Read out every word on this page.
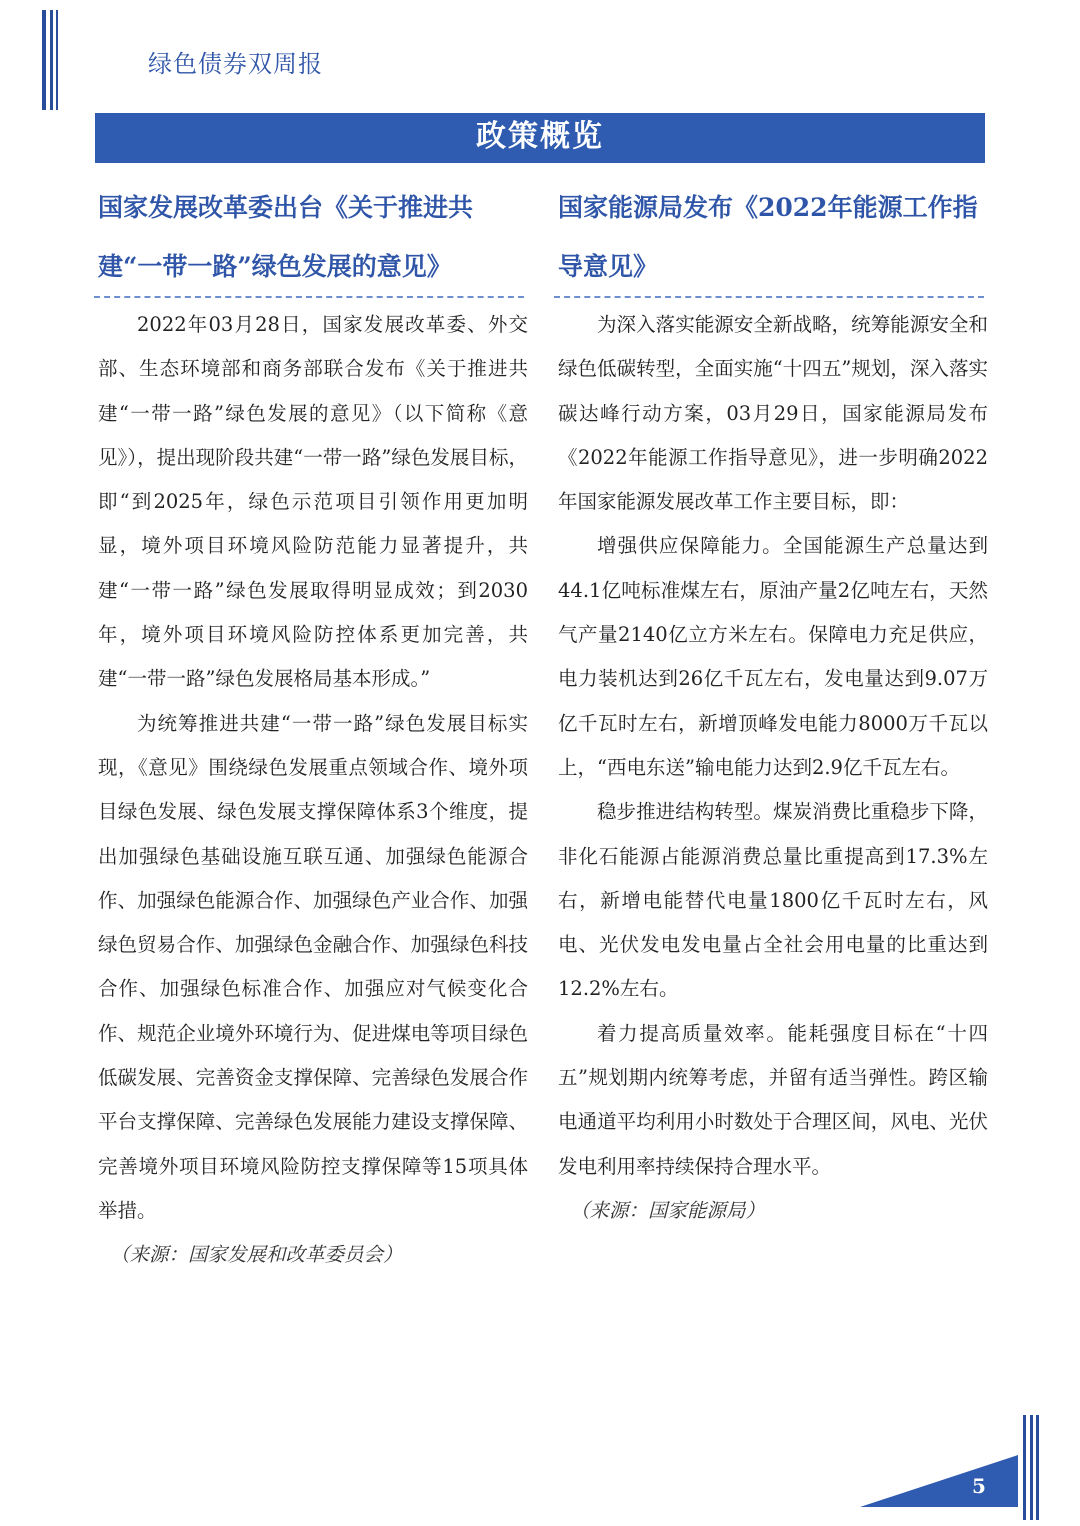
绿色债券双周报
政策概览
国家发展改革委出台《关于推进共建“一带一路”绿色发展的意见》

2022年03月28日，国家发展改革委、外交部、生态环境部和商务部联合发布《关于推进共建“一带一路”绿色发展的意见》（以下简称《意见》），提出现阶段共建“一带一路”绿色发展目标，即“到2025年，绿色示范项目引领作用更加明显，境外项目环境风险防范能力显著提升，共建“一带一路”绿色发展取得明显成效；到2030年，境外项目环境风险防控体系更加完善，共建“一带一路”绿色发展格局基本形成。”

为统筹推进共建“一带一路”绿色发展目标实现，《意见》围绕绿色发展重点领域合作、境外项目绿色发展、绿色发展支撑保障体系3个维度，提出加强绿色基础设施互联互通、加强绿色能源合作、加强绿色能源合作、加强绿色产业合作、加强绿色贸易合作、加强绿色金融合作、加强绿色科技合作、加强绿色标准合作、加强应对气候变化合作、规范企业境外环境行为、促进煤电等项目绿色低碳发展、完善资金支撑保障、完善绿色发展合作平台支撑保障、完善绿色发展能力建设支撑保障、完善境外项目环境风险防控支撑保障等15项具体举措。

（来源：国家发展和改革委员会）

国家能源局发布《2022年能源工作指导意见》

为深入落实能源安全新战略，统筹能源安全和绿色低碳转型，全面实施“十四五”规划，深入落实碳达峰行动方案，03月29日，国家能源局发布《2022年能源工作指导意见》，进一步明确2022年国家能源发展改革工作主要目标，即：

增强供应保障能力。全国能源生产总量达到44.1亿吨标准煤左右，原油产量2亿吨左右，天然气产量2140亿立方米左右。保障电力充足供应，电力装机达到26亿千瓦左右，发电量达到9.07万亿千瓦时左右，新增顶峰发电能力8000万千瓦以上，“西电东送”输电能力达到2.9亿千瓦左右。

稳步推进结构转型。煤炭消费比重稳步下降，非化石能源占能源消费总量比重提高到17.3%左右，新增电能替代电量1800亿千瓦时左右，风电、光伏发电发电量占全社会用电量的比重达到12.2%左右。

着力提高质量效率。能耗强度目标在“十四五”规划期内统筹考虑，并留有适当弹性。跨区输电通道平均利用小时数处于合理区间，风电、光伏发电利用率持续保持合理水平。

（来源：国家能源局）

5
